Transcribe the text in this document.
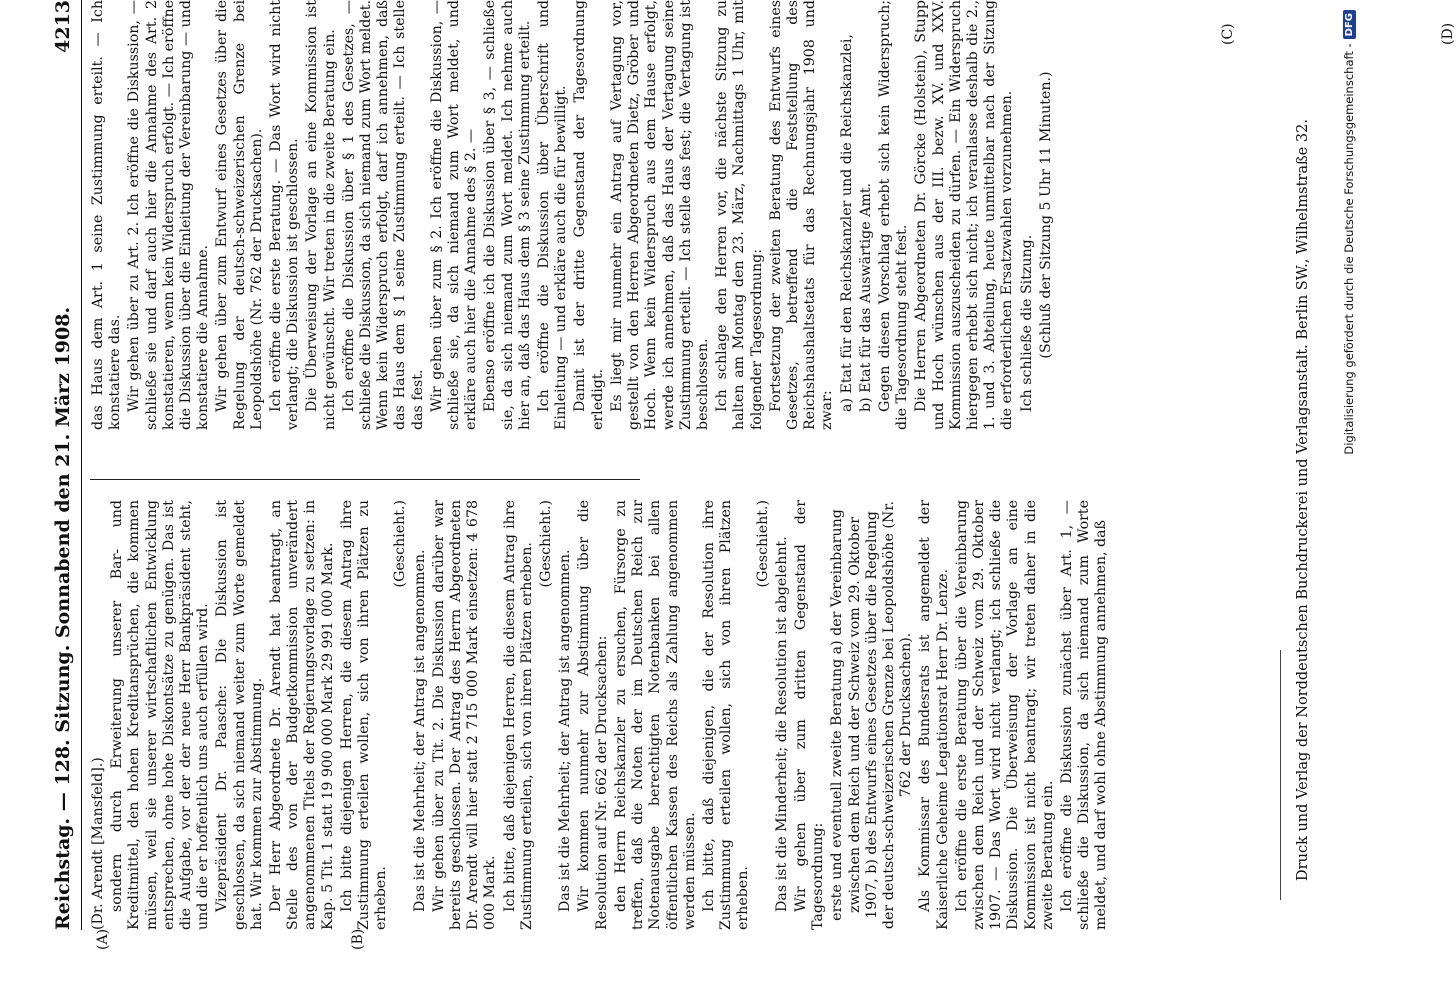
Reichstag. — 128. Sitzung. Sonnabend den 21. März 1908.
4213
(A)	(B)
(C)	(D)

(Dr. Arendt [Mansfeld].) sondern durch Erweiterung unserer Bar- und Kreditmittel, den hohen Kreditansprüchen, die kommen müssen, weil sie unserer wirtschaftlichen Entwicklung entsprechen, ohne hohe Diskontsätze zu genügen. Das ist die Aufgabe, vor der der neue Herr Bankpräsident steht, und die er hoffentlich uns auch erfüllen wird. Vizepräsident Dr. Paasche: Die Diskussion ist geschlossen, da sich niemand weiter zum Worte gemeldet hat. Wir kommen zur Abstimmung. Der Herr Abgeordnete Dr. Arendt hat beantragt, an Stelle des von der Budgetkommission unverändert angenommenen Titels der Regierungsvorlage zu setzen: in Kap. 5 Tit. 1 statt 19 900 000 Mark 29 991 000 Mark. Ich bitte diejenigen Herren, die diesem Antrag ihre Zustimmung erteilen wollen, sich von ihren Plätzen zu erheben.

(Geschieht.)

Das ist die Mehrheit; der Antrag ist angenommen. Wir gehen über zu Tit. 2. Die Diskussion darüber war bereits geschlossen. Der Antrag des Herrn Abgeordneten Dr. Arendt will hier statt 2 715 000 Mark einsetzen: 4 678 000 Mark. Ich bitte, daß diejenigen Herren, die diesem Antrag ihre Zustimmung erteilen, sich von ihren Plätzen erheben. (Geschieht.)

Das ist die Mehrheit; der Antrag ist angenommen. Wir kommen nunmehr zur Abstimmung über die Resolution auf Nr. 662 der Drucksachen: den Herrn Reichskanzler zu ersuchen, Fürsorge zu treffen, daß die Noten der im Deutschen Reich zur Notenausgabe berechtigten Notenbanken bei allen öffentlichen Kassen des Reichs als Zahlung angenommen werden müssen. Ich bitte, daß diejenigen, die der Resolution ihre Zustimmung erteilen wollen, sich von ihren Plätzen erheben.

(Geschieht.) Das ist die Minderheit; die Resolution ist abgelehnt. Wir gehen über zum dritten Gegenstand der Tagesordnung: erste und eventuell zweite Beratung a) der Vereinbarung zwischen dem Reich und der Schweiz vom 29. Oktober 1907, b) des Entwurfs eines Gesetzes über die Regelung der deutsch-schweizerischen Grenze bei Leopoldshöhe (Nr. 762 der Drucksachen). Als Kommissar des Bundesrats ist angemeldet der Kaiserliche Geheime Legationsrat Herr Dr. Lenze. Ich eröffne die erste Beratung über die Vereinbarung zwischen dem Reich und der Schweiz vom 29. Oktober 1907. — Das Wort wird nicht verlangt; ich schließe die Diskussion. Die Überweisung der Vorlage an eine Kommission ist nicht beantragt; wir treten daher in die zweite Beratung ein. Ich eröffne die Diskussion zunächst über Art. 1, — schließe die Diskussion, da sich niemand zum Worte meldet, und darf wohl ohne Abstimmung annehmen, daß

das Haus dem Art. 1 seine Zustimmung erteilt. — Ich konstatiere das. Wir gehen über zu Art. 2. Ich eröffne die Diskussion, — schließe sie und darf auch hier die Annahme des Art. 2 konstatieren, wenn kein Widerspruch erfolgt. — Ich eröffne die Diskussion über die Einleitung der Vereinbarung — und konstatiere die Annahme. Wir gehen über zum Entwurf eines Gesetzes über die Regelung der deutsch-schweizerischen Grenze bei Leopoldshöhe (Nr. 762 der Drucksachen). Ich eröffne die erste Beratung. — Das Wort wird nicht verlangt; die Diskussion ist geschlossen. Die Überweisung der Vorlage an eine Kommission ist nicht gewünscht. Wir treten in die zweite Beratung ein. Ich eröffne die Diskussion über § 1 des Gesetzes, — schließe die Diskussion, da sich niemand zum Wort meldet. Wenn kein Widerspruch erfolgt, darf ich annehmen, daß das Haus dem § 1 seine Zustimmung erteilt. — Ich stelle das fest. Wir gehen über zum § 2. Ich eröffne die Diskussion, — schließe sie, da sich niemand zum Wort meldet, und erkläre auch hier die Annahme des § 2. — Ebenso eröffne ich die Diskussion über § 3, — schließe sie, da sich niemand zum Wort meldet. Ich nehme auch hier an, daß das Haus dem § 3 seine Zustimmung erteilt. Ich eröffne die Diskussion über Überschrift und Einleitung — und erkläre auch die für bewilligt. Damit ist der dritte Gegenstand der Tagesordnung erledigt. Es liegt mir nunmehr ein Antrag auf Vertagung vor, gestellt von den Herren Abgeordneten Dietz, Gröber und Hoch. Wenn kein Widerspruch aus dem Hause erfolgt, werde ich annehmen, daß das Haus der Vertagung seine Zustimmung erteilt. — Ich stelle das fest; die Vertagung ist beschlossen. Ich schlage den Herren vor, die nächste Sitzung zu halten am Montag den 23. März, Nachmittags 1 Uhr, mit folgender Tagesordnung: Fortsetzung der zweiten Beratung des Entwurfs eines Gesetzes, betreffend die Feststellung des Reichshaushaltsetats für das Rechnungsjahr 1908 und zwar: a) Etat für den Reichskanzler und die Reichskanzlei, b) Etat für das Auswärtige Amt. Gegen diesen Vorschlag erhebt sich kein Widerspruch; die Tagesordnung steht fest. Die Herren Abgeordneten Dr. Görcke (Holstein), Stupp und Hoch wünschen aus der III. bezw. XV. und XXV. Kommission auszuscheiden zu dürfen. — Ein Widerspruch hiergegen erhebt sich nicht; ich veranlasse deshalb die 2., 1. und 3. Abteilung, heute unmittelbar nach der Sitzung die erforderlichen Ersatzwahlen vorzunehmen. Ich schließe die Sitzung. (Schluß der Sitzung 5 Uhr 11 Minuten.)	Druck und Verlag der Norddeutschen Buchdruckerei und Verlagsanstalt. Berlin SW., Wilhelmstraße 32.	Digitalisierung gefördert durch die Deutsche Forschungsgemeinschaft -
DFG
